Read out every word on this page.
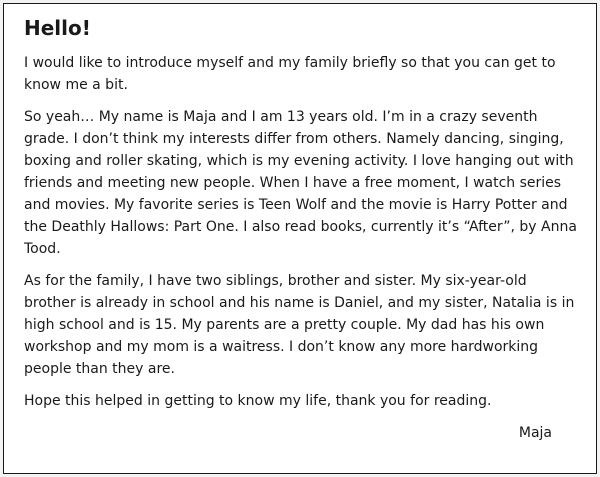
Hello!

I would like to introduce myself and my family briefly so that you can get to know me a bit.

So yeah… My name is Maja and I am 13 years old. I’m in a crazy seventh grade. I don’t think my interests differ from others. Namely dancing, singing, boxing and roller skating, which is my evening activity. I love hanging out with friends and meeting new people. When I have a free moment, I watch series and movies. My favorite series is Teen Wolf and the movie is Harry Potter and the Deathly Hallows: Part One. I also read books, currently it’s “After”, by Anna Tood.

As for the family, I have two siblings, brother and sister. My six-year-old brother is already in school and his name is Daniel, and my sister, Natalia is in high school and is 15. My parents are a pretty couple. My dad has his own workshop and my mom is a waitress. I don’t know any more hardworking people than they are.

Hope this helped in getting to know my life, thank you for reading.

Maja
